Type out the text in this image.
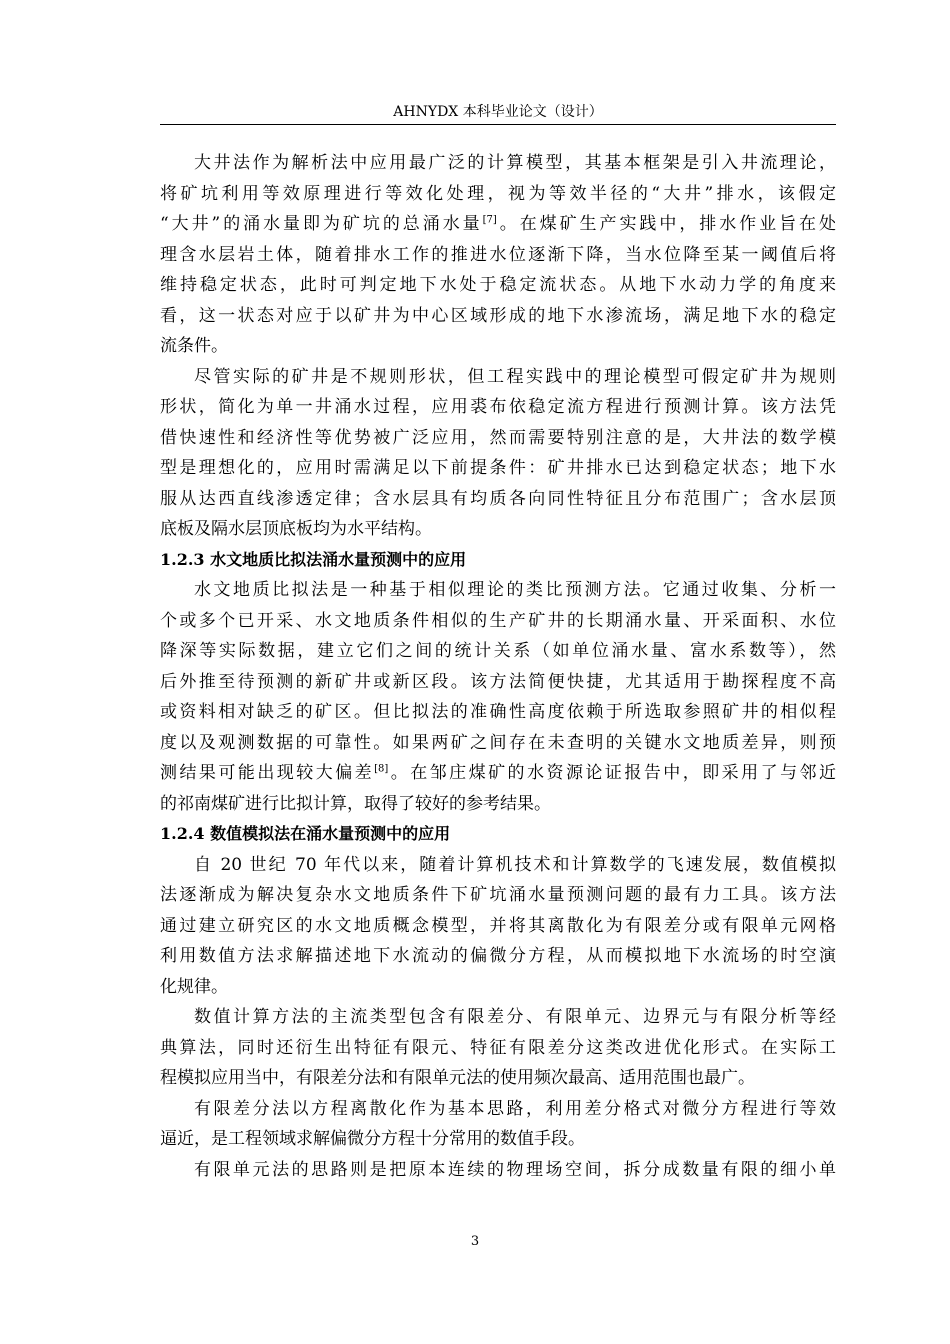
AHNYDX 本科毕业论文（设计）
大井法作为解析法中应用最广泛的计算模型，其基本框架是引入井流理论，
将矿坑利用等效原理进行等效化处理，视为等效半径的“大井”排水，该假定
“大井”的涌水量即为矿坑的总涌水量[7]。在煤矿生产实践中，排水作业旨在处
理含水层岩土体，随着排水工作的推进水位逐渐下降，当水位降至某一阈值后将
维持稳定状态，此时可判定地下水处于稳定流状态。从地下水动力学的角度来
看，这一状态对应于以矿井为中心区域形成的地下水渗流场，满足地下水的稳定
流条件。
尽管实际的矿井是不规则形状，但工程实践中的理论模型可假定矿井为规则
形状，简化为单一井涌水过程，应用裘布依稳定流方程进行预测计算。该方法凭
借快速性和经济性等优势被广泛应用，然而需要特别注意的是，大井法的数学模
型是理想化的，应用时需满足以下前提条件：矿井排水已达到稳定状态；地下水
服从达西直线渗透定律；含水层具有均质各向同性特征且分布范围广；含水层顶
底板及隔水层顶底板均为水平结构。
1.2.3 水文地质比拟法涌水量预测中的应用
水文地质比拟法是一种基于相似理论的类比预测方法。它通过收集、分析一
个或多个已开采、水文地质条件相似的生产矿井的长期涌水量、开采面积、水位
降深等实际数据，建立它们之间的统计关系（如单位涌水量、富水系数等），然
后外推至待预测的新矿井或新区段。该方法简便快捷，尤其适用于勘探程度不高
或资料相对缺乏的矿区。但比拟法的准确性高度依赖于所选取参照矿井的相似程
度以及观测数据的可靠性。如果两矿之间存在未查明的关键水文地质差异，则预
测结果可能出现较大偏差[8]。在邹庄煤矿的水资源论证报告中，即采用了与邻近
的祁南煤矿进行比拟计算，取得了较好的参考结果。
1.2.4 数值模拟法在涌水量预测中的应用
自 20 世纪 70 年代以来，随着计算机技术和计算数学的飞速发展，数值模拟
法逐渐成为解决复杂水文地质条件下矿坑涌水量预测问题的最有力工具。该方法
通过建立研究区的水文地质概念模型，并将其离散化为有限差分或有限单元网格
利用数值方法求解描述地下水流动的偏微分方程，从而模拟地下水流场的时空演
化规律。
数值计算方法的主流类型包含有限差分、有限单元、边界元与有限分析等经
典算法，同时还衍生出特征有限元、特征有限差分这类改进优化形式。在实际工
程模拟应用当中，有限差分法和有限单元法的使用频次最高、适用范围也最广。
有限差分法以方程离散化作为基本思路，利用差分格式对微分方程进行等效
逼近，是工程领域求解偏微分方程十分常用的数值手段。
有限单元法的思路则是把原本连续的物理场空间，拆分成数量有限的细小单
3
